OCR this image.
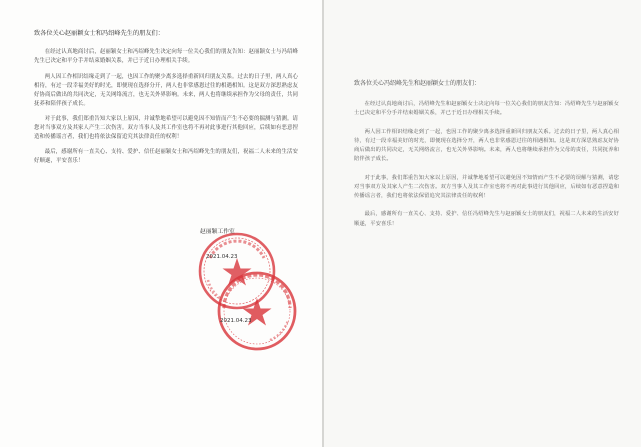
致各位关心赵丽颖女士和冯绍峰先生的朋友们：

在经过认真地商讨后，赵丽颖女士和冯绍峰先生决定向每一位关心我们的朋友告知：赵丽颖女士与冯绍峰先生已决定和平分手并结束婚姻关系，并已于近日办理相关手续。

两人因工作相识结缘走到了一起，也因工作的聚少离多选择重新回归朋友关系。过去的日子里，两人真心相待，有过一段幸福美好的时光，即便现在选择分开，两人也非常感恩过往的相遇相知。这是双方深思熟虑友好协商后做出的共同决定，无关网络流言，也无关外界影响。未来，两人也将继续承担作为父母的责任，共同抚养和陪伴孩子成长。

对于此事，我们郑重告知大家以上原因，并诚挚地希望可以避免因不知情而产生不必要的揣测与猜测。请您对当事双方及其家人产生二次伤害。双方当事人及其工作室也将不再对此事进行其他回应，后续如有恶意捏造和传播谣言者，我们也将依法保留追究其法律责任的权利！

最后，感谢所有一直关心、支持、爱护、信任赵丽颖女士和冯绍峰先生的朋友们，祝福二人未来的生活安好顺遂，平安喜乐！

致各位关心冯绍峰先生和赵丽颖女士的朋友们：

在经过认真地商讨后，冯绍峰先生和赵丽颖女士决定向每一位关心我们的朋友告知：冯绍峰先生与赵丽颖女士已决定和平分手并结束婚姻关系，并已于近日办理相关手续。

两人因工作相识结缘走到了一起，也因工作的聚少离多选择重新回归朋友关系。过去的日子里，两人真心相待，有过一段幸福美好的时光，即便现在选择分开，两人也非常感恩过往的相遇相知。这是双方深思熟虑友好协商后做出的共同决定，无关网络流言，也无关外界影响。未来，两人也将继续承担作为父母的责任，共同抚养和陪伴孩子成长。

对于此事，我们郑重告知大家以上原因，并诚挚地希望可以避免因不知情而产生不必要的误解与猜测，请您对当事双方及其家人产生二次伤害。双方当事人及其工作室也将不再对此事进行其他回应，后续如有恶意捏造和传播谣言者，我们也将依法保留追究其法律责任的权利！

最后，感谢所有一直关心、支持、爱护、信任冯绍峰先生与赵丽颖女士的朋友们，祝福二人未来的生活安好顺遂，平安喜乐！

赵丽颖工作室
2021.04.23
2021.04.23
